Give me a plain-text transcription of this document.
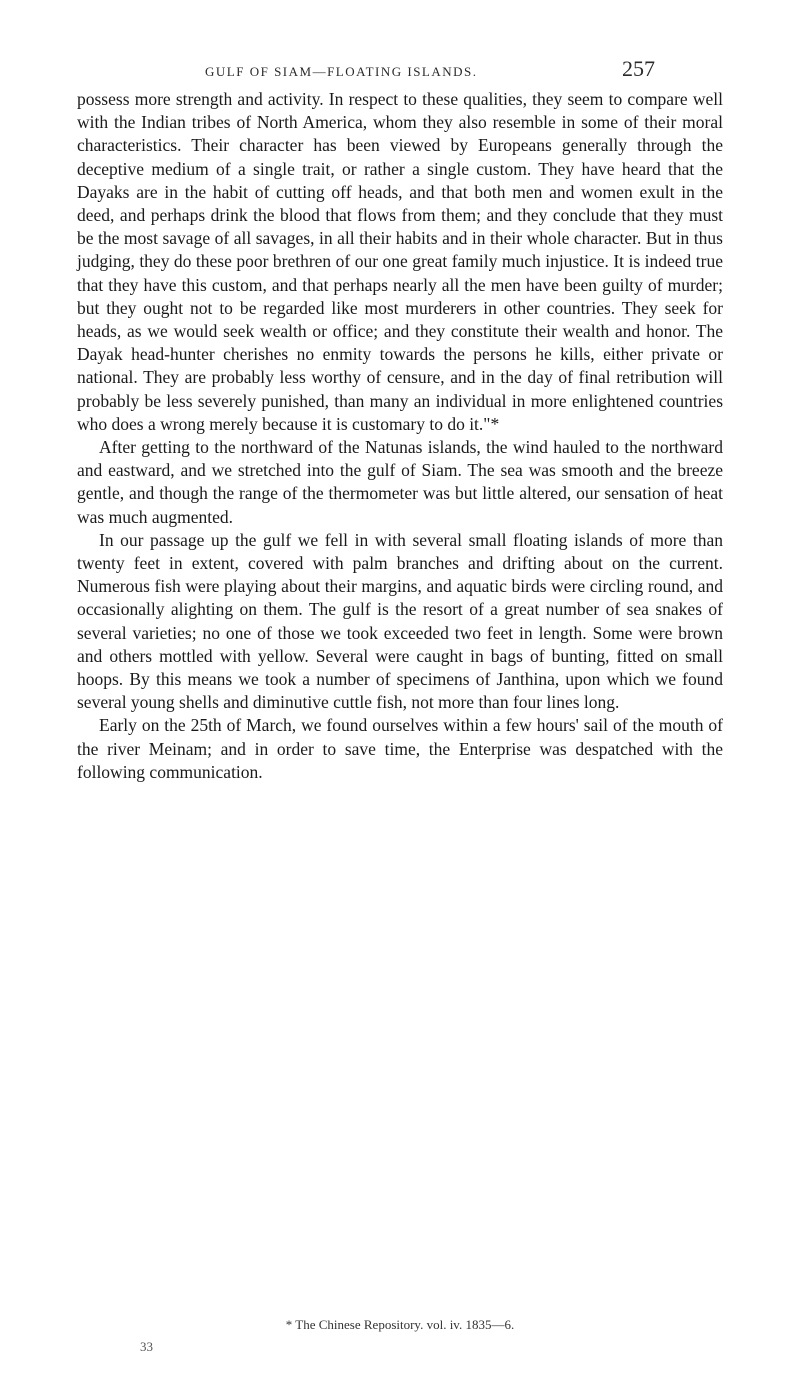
GULF OF SIAM—FLOATING ISLANDS.	257

possess more strength and activity. In respect to these qualities, they seem to compare well with the Indian tribes of North America, whom they also resemble in some of their moral characteristics. Their character has been viewed by Europeans generally through the deceptive medium of a single trait, or rather a single custom. They have heard that the Dayaks are in the habit of cutting off heads, and that both men and women exult in the deed, and perhaps drink the blood that flows from them; and they conclude that they must be the most savage of all savages, in all their habits and in their whole character. But in thus judging, they do these poor brethren of our one great family much injustice. It is indeed true that they have this custom, and that perhaps nearly all the men have been guilty of murder; but they ought not to be regarded like most murderers in other countries. They seek for heads, as we would seek wealth or office; and they constitute their wealth and honor. The Dayak head-hunter cherishes no enmity towards the persons he kills, either private or national. They are probably less worthy of censure, and in the day of final retribution will probably be less severely punished, than many an individual in more enlightened countries who does a wrong merely because it is customary to do it."*

After getting to the northward of the Natunas islands, the wind hauled to the northward and eastward, and we stretched into the gulf of Siam. The sea was smooth and the breeze gentle, and though the range of the thermometer was but little altered, our sensation of heat was much augmented.

In our passage up the gulf we fell in with several small floating islands of more than twenty feet in extent, covered with palm branches and drifting about on the current. Numerous fish were playing about their margins, and aquatic birds were circling round, and occasionally alighting on them. The gulf is the resort of a great number of sea snakes of several varieties; no one of those we took exceeded two feet in length. Some were brown and others mottled with yellow. Several were caught in bags of bunting, fitted on small hoops. By this means we took a number of specimens of Janthina, upon which we found several young shells and diminutive cuttle fish, not more than four lines long.

Early on the 25th of March, we found ourselves within a few hours' sail of the mouth of the river Meinam; and in order to save time, the Enterprise was despatched with the following communication.

* The Chinese Repository. vol. iv. 1835—6.
33
